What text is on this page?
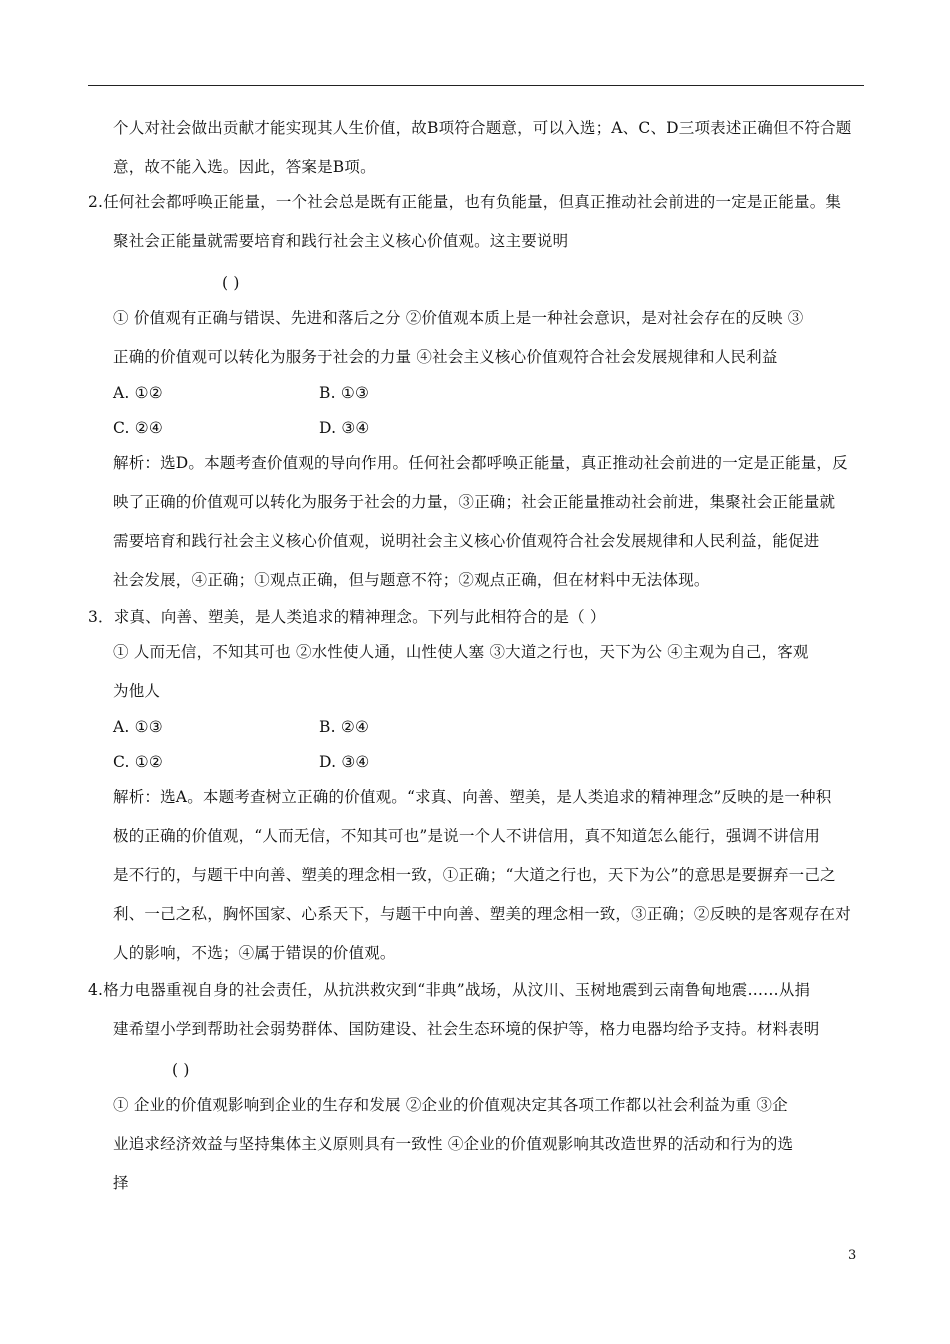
个人对社会做出贡献才能实现其人生价值，故B项符合题意，可以入选；A、C、D三项表述正确但不符合题
意，故不能入选。因此，答案是B项。
2.任何社会都呼唤正能量，一个社会总是既有正能量，也有负能量，但真正推动社会前进的一定是正能量。集
聚社会正能量就需要培育和践行社会主义核心价值观。这主要说明
( )
① 价值观有正确与错误、先进和落后之分 ②价值观本质上是一种社会意识，是对社会存在的反映 ③
正确的价值观可以转化为服务于社会的力量 ④社会主义核心价值观符合社会发展规律和人民利益
A. ①②	B. ①③
C. ②④	D. ③④
解析：选D。本题考查价值观的导向作用。任何社会都呼唤正能量，真正推动社会前进的一定是正能量，反
映了正确的价值观可以转化为服务于社会的力量，③正确；社会正能量推动社会前进，集聚社会正能量就
需要培育和践行社会主义核心价值观，说明社会主义核心价值观符合社会发展规律和人民利益，能促进
社会发展，④正确；①观点正确，但与题意不符；②观点正确，但在材料中无法体现。
3．求真、向善、塑美，是人类追求的精神理念。下列与此相符合的是（ ）
① 人而无信，不知其可也 ②水性使人通，山性使人塞 ③大道之行也，天下为公 ④主观为自己，客观
为他人
A. ①③	B. ②④
C. ①②	D. ③④
解析：选A。本题考查树立正确的价值观。“求真、向善、塑美，是人类追求的精神理念”反映的是一种积
极的正确的价值观，“人而无信，不知其可也”是说一个人不讲信用，真不知道怎么能行，强调不讲信用
是不行的，与题干中向善、塑美的理念相一致，①正确；“大道之行也，天下为公”的意思是要摒弃一己之
利、一己之私，胸怀国家、心系天下，与题干中向善、塑美的理念相一致，③正确；②反映的是客观存在对
人的影响，不选；④属于错误的价值观。
4.格力电器重视自身的社会责任，从抗洪救灾到“非典”战场，从汶川、玉树地震到云南鲁甸地震……从捐
建希望小学到帮助社会弱势群体、国防建设、社会生态环境的保护等，格力电器均给予支持。材料表明
( )
① 企业的价值观影响到企业的生存和发展 ②企业的价值观决定其各项工作都以社会利益为重 ③企
业追求经济效益与坚持集体主义原则具有一致性 ④企业的价值观影响其改造世界的活动和行为的选
择
3
